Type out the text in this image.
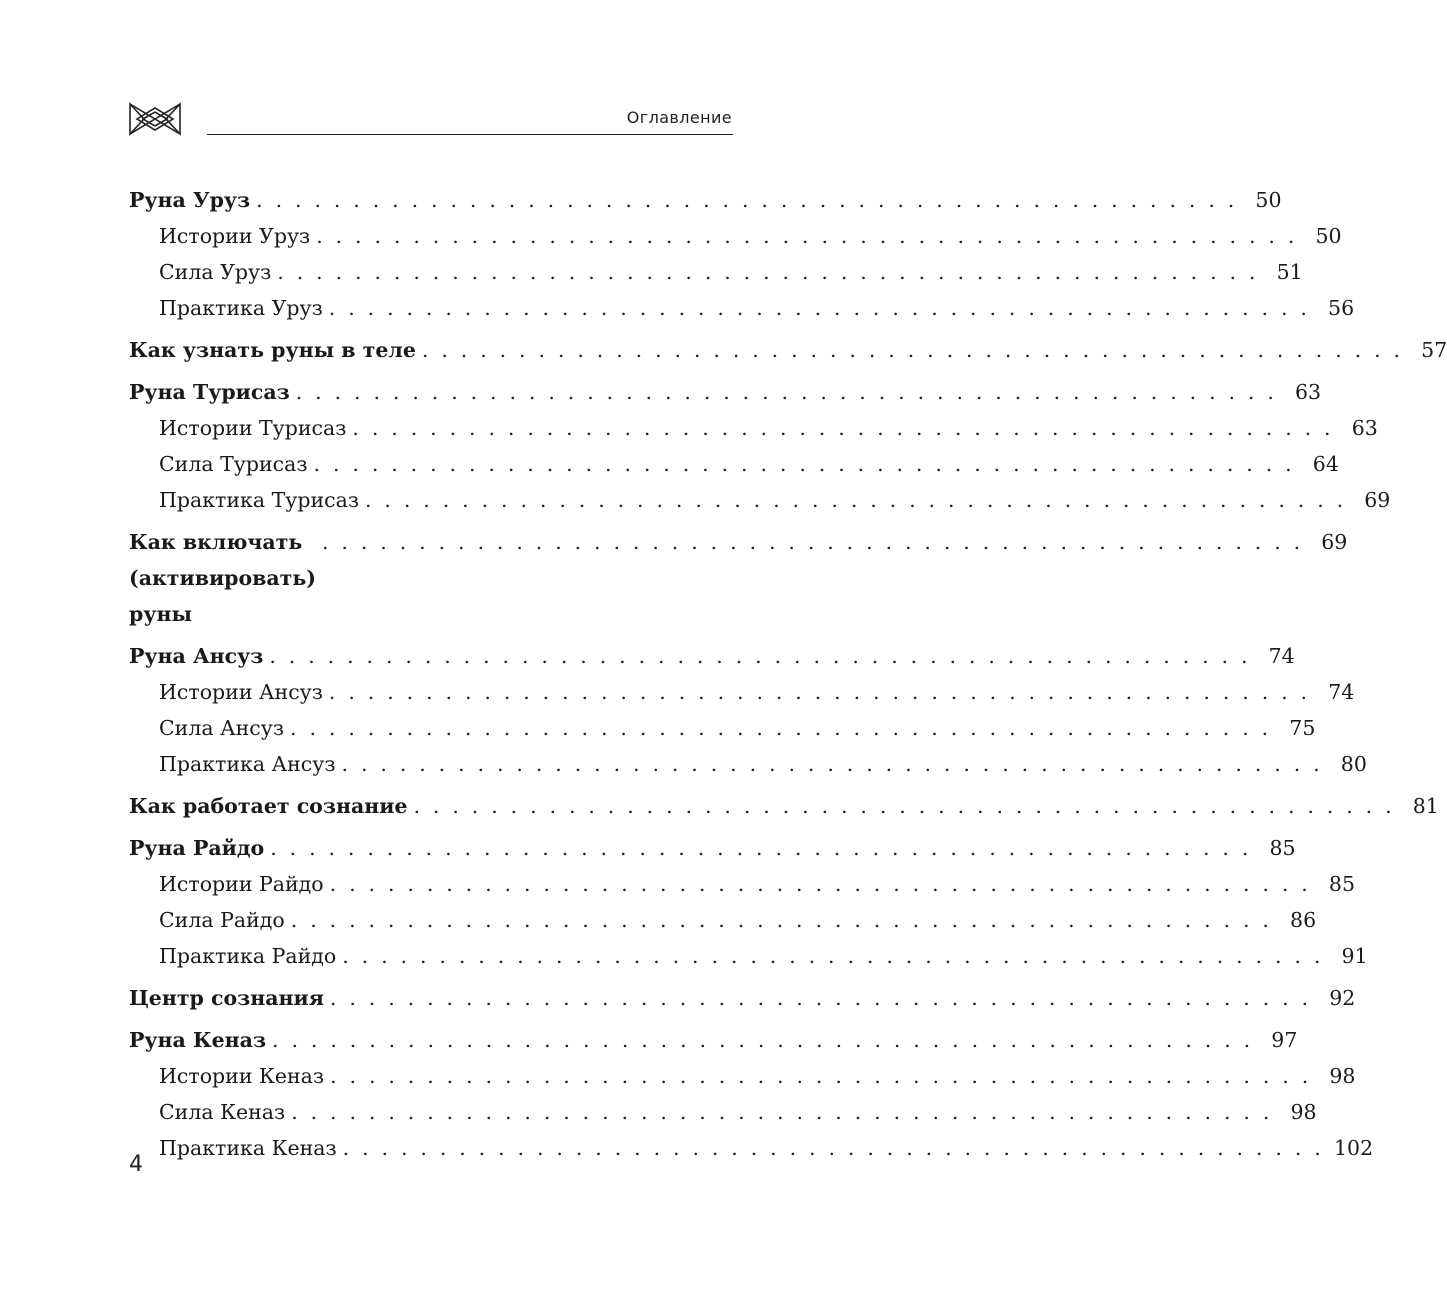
Оглавление
Руна Уруз . . . . . . . . . . . . . . . . . . . . . . . . . . . . . . . . . . . . . . . . . . . . . . . . . . . 50
Истории Уруз . . . . . . . . . . . . . . . . . . . . . . . . . . . . . . . . . . . . . . . . . . . . . . . . . . . 50
Сила Уруз . . . . . . . . . . . . . . . . . . . . . . . . . . . . . . . . . . . . . . . . . . . . . . . . . . . 51
Практика Уруз . . . . . . . . . . . . . . . . . . . . . . . . . . . . . . . . . . . . . . . . . . . . . . . . . . . 56
Как узнать руны в теле . . . . . . . . . . . . . . . . . . . . . . . . . . . . . . . . . . . . . . . . . . . . . . . . . . . 57
Руна Турисаз . . . . . . . . . . . . . . . . . . . . . . . . . . . . . . . . . . . . . . . . . . . . . . . . . . . 63
Истории Турисаз . . . . . . . . . . . . . . . . . . . . . . . . . . . . . . . . . . . . . . . . . . . . . . . . . . . 63
Сила Турисаз . . . . . . . . . . . . . . . . . . . . . . . . . . . . . . . . . . . . . . . . . . . . . . . . . . . 64
Практика Турисаз . . . . . . . . . . . . . . . . . . . . . . . . . . . . . . . . . . . . . . . . . . . . . . . . . . . 69
Как включать
(активировать) руны
. . . . . . . . . . . . . . . . . . . . . . . . . . . . . . . . . . . . . . . . . . . . . . . . . . . 69
Руна Ансуз . . . . . . . . . . . . . . . . . . . . . . . . . . . . . . . . . . . . . . . . . . . . . . . . . . . 74
Истории Ансуз . . . . . . . . . . . . . . . . . . . . . . . . . . . . . . . . . . . . . . . . . . . . . . . . . . . 74
Сила Ансуз . . . . . . . . . . . . . . . . . . . . . . . . . . . . . . . . . . . . . . . . . . . . . . . . . . . 75
Практика Ансуз . . . . . . . . . . . . . . . . . . . . . . . . . . . . . . . . . . . . . . . . . . . . . . . . . . . 80
Как работает сознание . . . . . . . . . . . . . . . . . . . . . . . . . . . . . . . . . . . . . . . . . . . . . . . . . . . 81
Руна Райдо . . . . . . . . . . . . . . . . . . . . . . . . . . . . . . . . . . . . . . . . . . . . . . . . . . . 85
Истории Райдо . . . . . . . . . . . . . . . . . . . . . . . . . . . . . . . . . . . . . . . . . . . . . . . . . . . 85
Сила Райдо . . . . . . . . . . . . . . . . . . . . . . . . . . . . . . . . . . . . . . . . . . . . . . . . . . . 86
Практика Райдо . . . . . . . . . . . . . . . . . . . . . . . . . . . . . . . . . . . . . . . . . . . . . . . . . . . 91
Центр сознания . . . . . . . . . . . . . . . . . . . . . . . . . . . . . . . . . . . . . . . . . . . . . . . . . . . 92
Руна Кеназ . . . . . . . . . . . . . . . . . . . . . . . . . . . . . . . . . . . . . . . . . . . . . . . . . . . 97
Истории Кеназ . . . . . . . . . . . . . . . . . . . . . . . . . . . . . . . . . . . . . . . . . . . . . . . . . . . 98
Сила Кеназ . . . . . . . . . . . . . . . . . . . . . . . . . . . . . . . . . . . . . . . . . . . . . . . . . . . 98
Практика Кеназ . . . . . . . . . . . . . . . . . . . . . . . . . . . . . . . . . . . . . . . . . . . . . . . . . . . 102
4
